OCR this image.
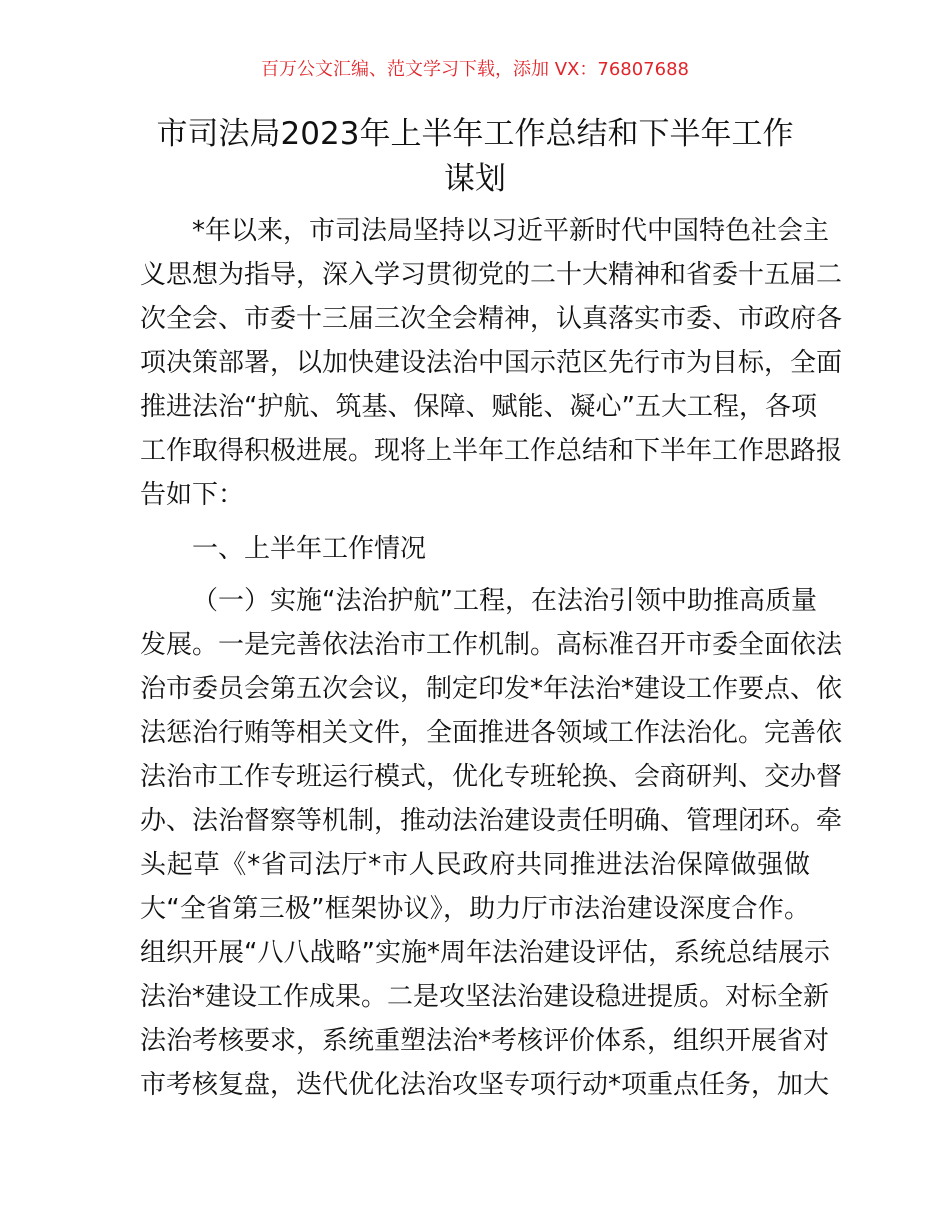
百万公文汇编、范文学习下载，添加 VX：76807688
市司法局2023年上半年工作总结和下半年工作
谋划
*年以来，市司法局坚持以习近平新时代中国特色社会主
义思想为指导，深入学习贯彻党的二十大精神和省委十五届二
次全会、市委十三届三次全会精神，认真落实市委、市政府各
项决策部署，以加快建设法治中国示范区先行市为目标，全面
推进法治“护航、筑基、保障、赋能、凝心”五大工程，各项
工作取得积极进展。现将上半年工作总结和下半年工作思路报
告如下：
一、上半年工作情况
（一）实施“法治护航”工程，在法治引领中助推高质量
发展。一是完善依法治市工作机制。高标准召开市委全面依法
治市委员会第五次会议，制定印发*年法治*建设工作要点、依
法惩治行贿等相关文件，全面推进各领域工作法治化。完善依
法治市工作专班运行模式，优化专班轮换、会商研判、交办督
办、法治督察等机制，推动法治建设责任明确、管理闭环。牵
头起草《*省司法厅*市人民政府共同推进法治保障做强做
大“全省第三极”框架协议》，助力厅市法治建设深度合作。
组织开展“八八战略”实施*周年法治建设评估，系统总结展示
法治*建设工作成果。二是攻坚法治建设稳进提质。对标全新
法治考核要求，系统重塑法治*考核评价体系，组织开展省对
市考核复盘，迭代优化法治攻坚专项行动*项重点任务，加大
